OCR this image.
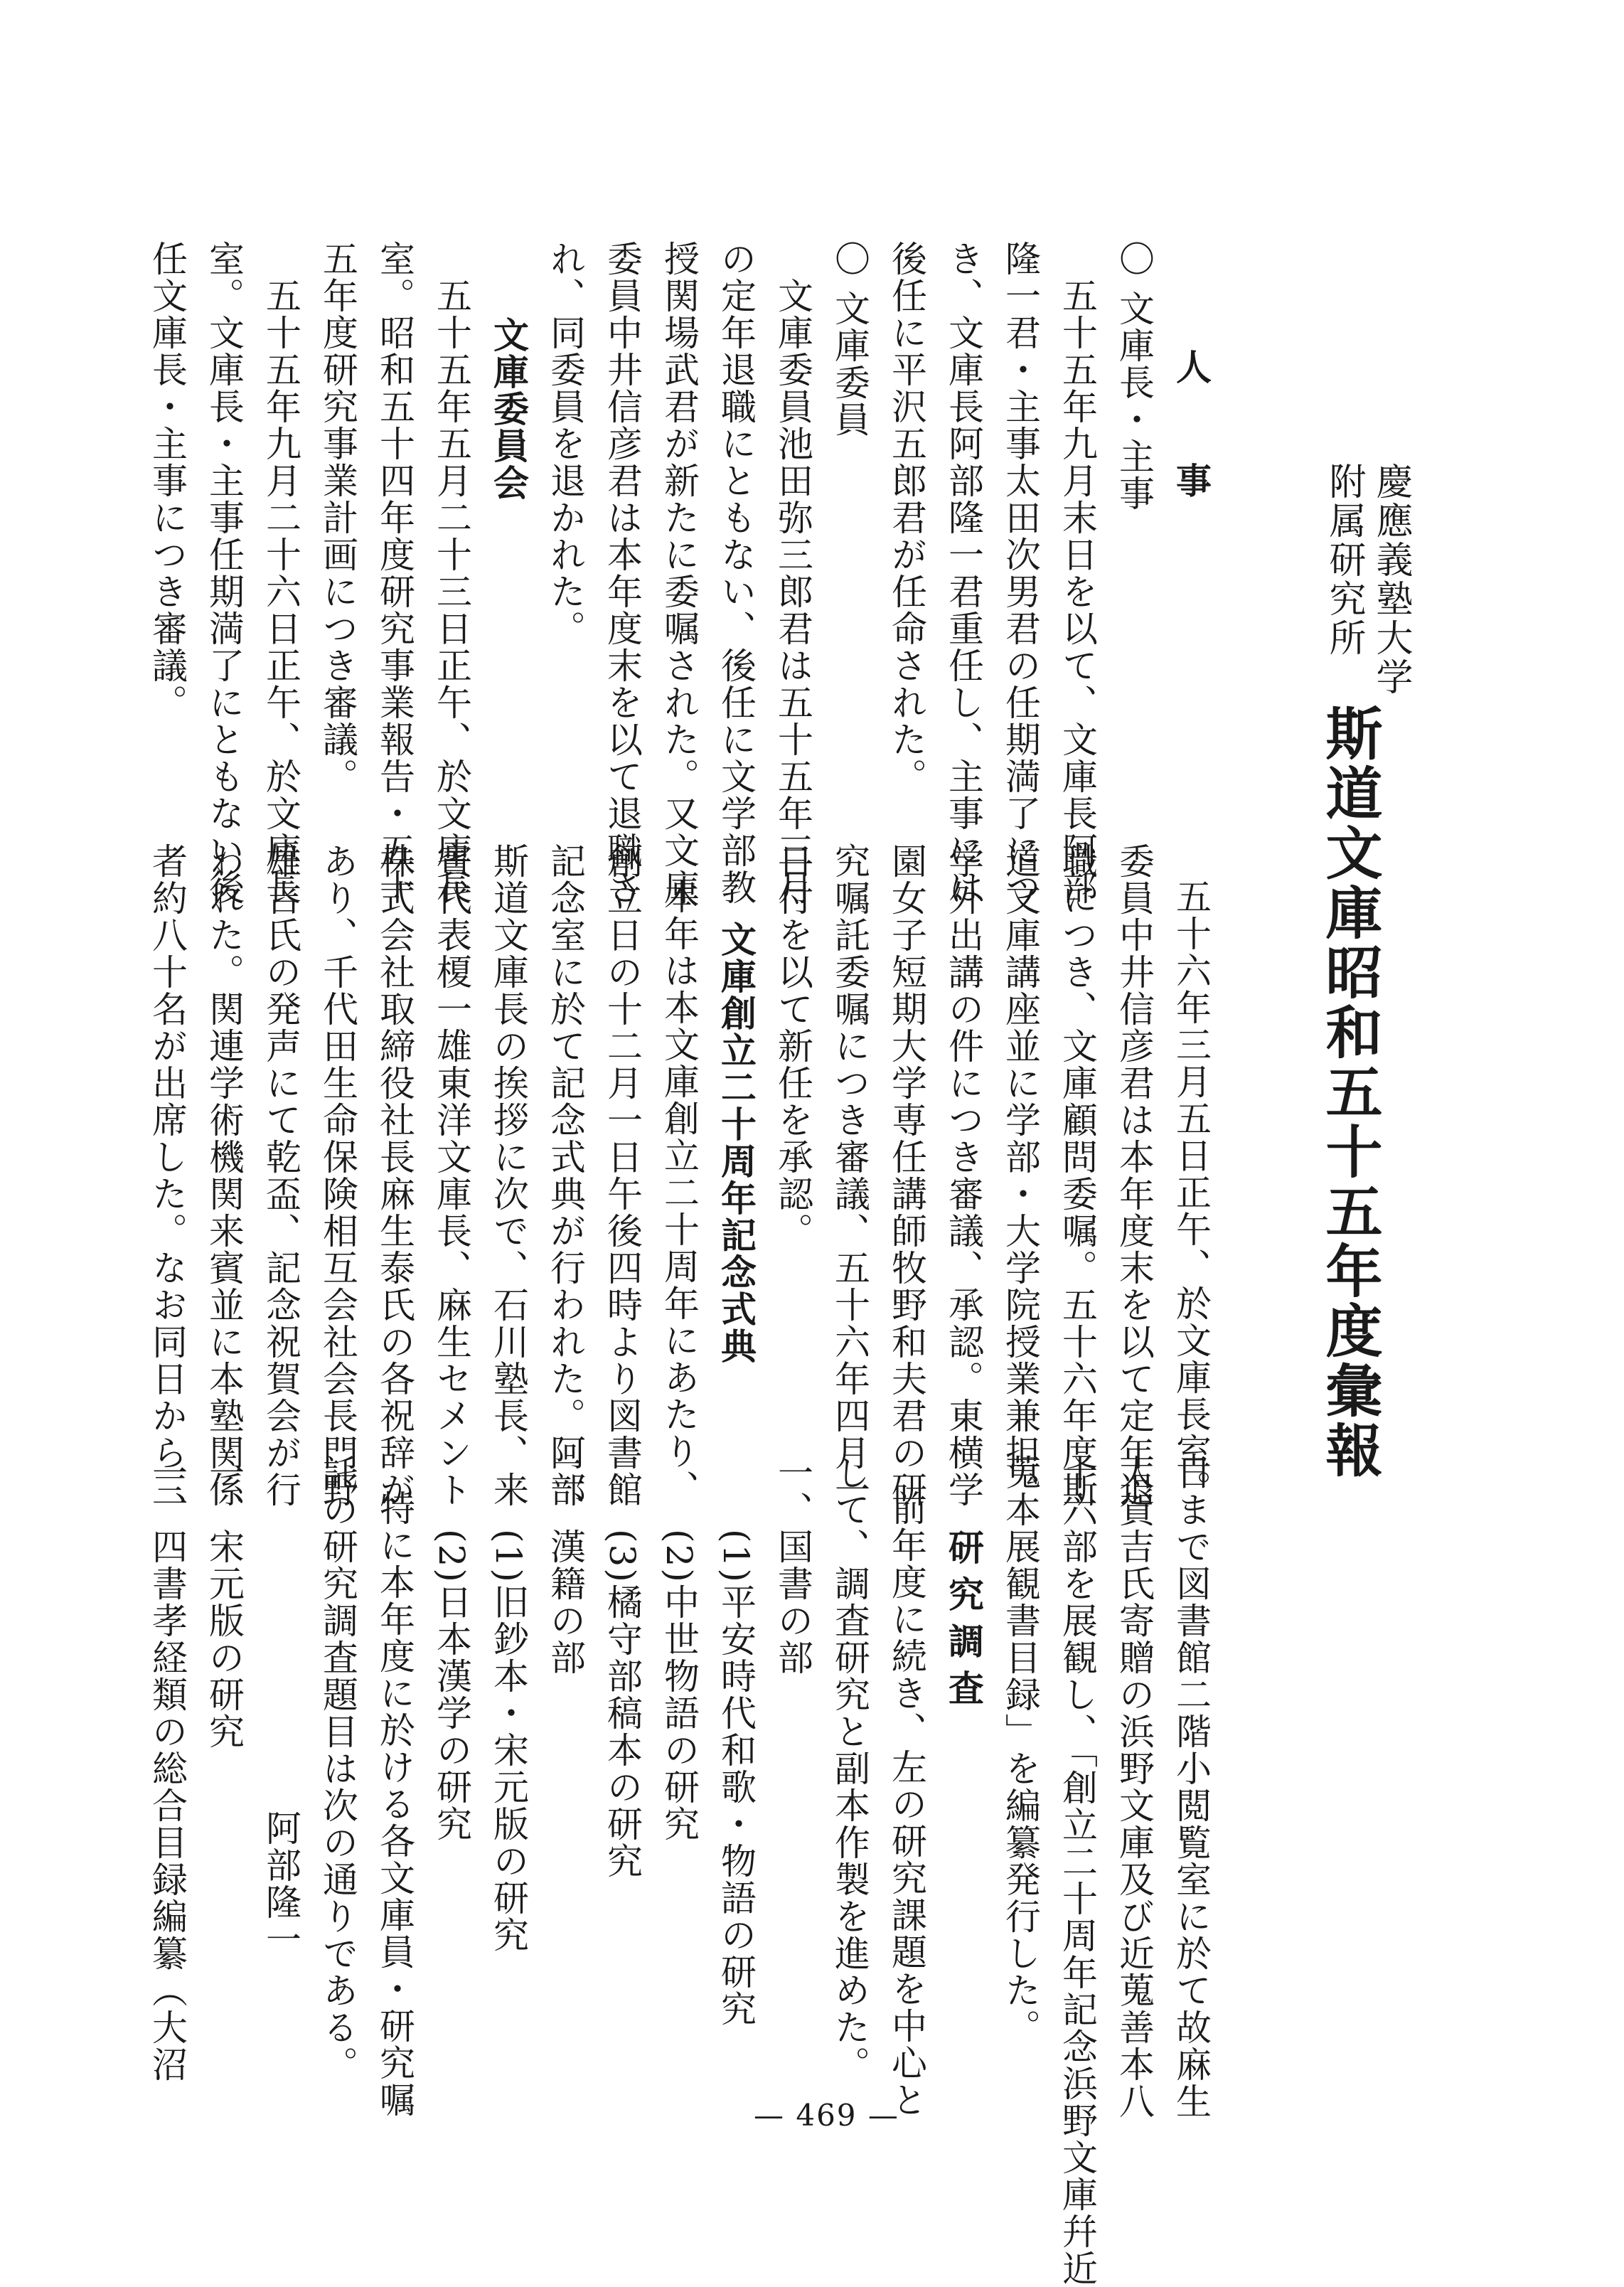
慶應義塾大学
附属研究所
斯道文庫昭和五十五年度彙報
人　事
〇 文庫長・主事
五十五年九月末日を以て、文庫長阿部
隆一君・主事太田次男君の任期満了につ
き、文庫長阿部隆一君重任し、主事には
後任に平沢五郎君が任命された。
〇 文庫委員
文庫委員池田弥三郎君は五十五年三月
の定年退職にともない、後任に文学部教
授関場武君が新たに委嘱された。又文庫
委員中井信彦君は本年度末を以て退職さ
れ、同委員を退かれた。
文庫委員会
五十五年五月二十三日正午、於文庫長
室。昭和五十四年度研究事業報告・五十
五年度研究事業計画につき審議。
五十五年九月二十六日正午、於文庫長
室。文庫長・主事任期満了にともない後
任文庫長・主事につき審議。
五十六年三月五日正午、於文庫長室。
委員中井信彦君は本年度末を以て定年退
職につき、文庫顧問委嘱。五十六年度斯
道文庫講座並に学部・大学院授業兼担、
学外出講の件につき審議、承認。東横学
園女子短期大学専任講師牧野和夫君の研
究嘱託委嘱につき審議、五十六年四月一
日付を以て新任を承認。
文庫創立二十周年記念式典
本年は本文庫創立二十周年にあたり、
創立日の十二月一日午後四時より図書館
記念室に於て記念式典が行われた。阿部
斯道文庫長の挨拶に次で、石川塾長、来
賓代表榎一雄東洋文庫長、麻生セメント
株式会社取締役社長麻生泰氏の各祝辞が
あり、千代田生命保険相互会社会長門野
雄吉氏の発声にて乾盃、記念祝賀会が行
われた。関連学術機関来賓並に本塾関係
者約八十名が出席した。なお同日から三
日まで図書館二階小閲覧室に於て故麻生
太賀吉氏寄贈の浜野文庫及び近蒐善本八
十六部を展観し、「創立二十周年記念浜野文庫幷近
蒐本展観書目録」を編纂発行した。
研究調査
前年度に続き、左の研究課題を中心と
して、調査研究と副本作製を進めた。
一、国書の部
(1)平安時代和歌・物語の研究
(2)中世物語の研究
(3)橘守部稿本の研究
二、漢籍の部
(1)旧鈔本・宋元版の研究
(2)日本漢学の研究
特に本年度に於ける各文庫員・研究嘱
託の研究調査題目は次の通りである。
阿部隆一
一、宋元版の研究
一、四書孝経類の総合目録編纂（大沼
— 469 —
